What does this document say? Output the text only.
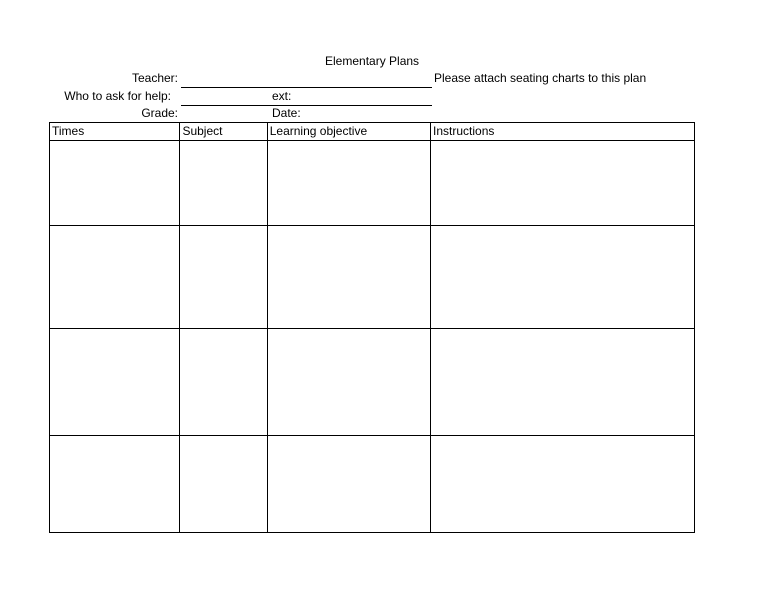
Elementary Plans
Teacher:	Please attach seating charts to this plan
Who to ask for help:	ext:
Grade:	Date:
Times	Subject	Learning objective	Instructions
